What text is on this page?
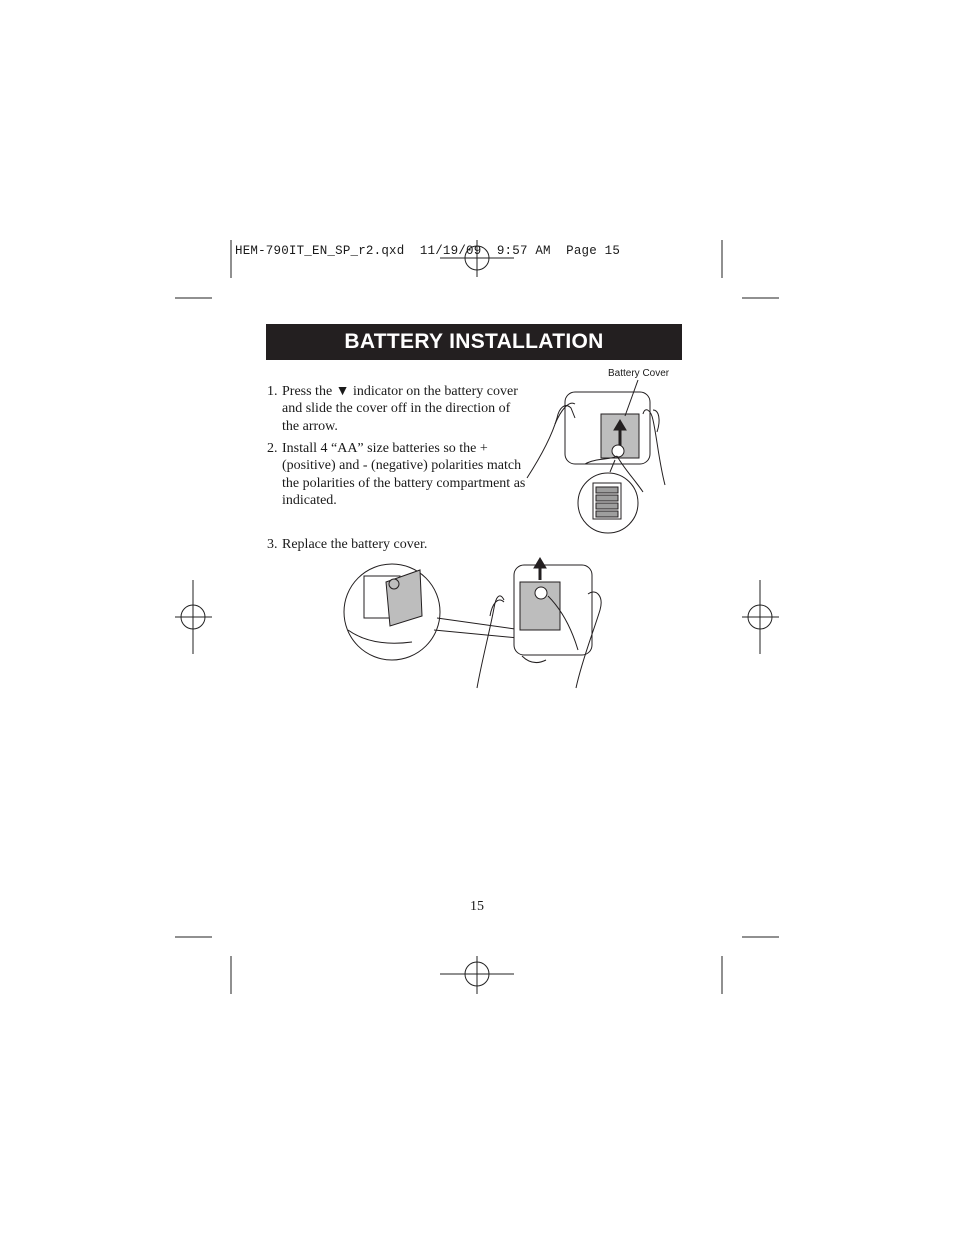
HEM-790IT_EN_SP_r2.qxd  11/19/09  9:57 AM  Page 15
BATTERY INSTALLATION
1. Press the ▼ indicator on the battery cover and slide the cover off in the direction of the arrow.
2. Install 4 “AA” size batteries so the + (positive) and - (negative) polarities match the polarities of the battery compartment as indicated.
3. Replace the battery cover.
Battery Cover
15
